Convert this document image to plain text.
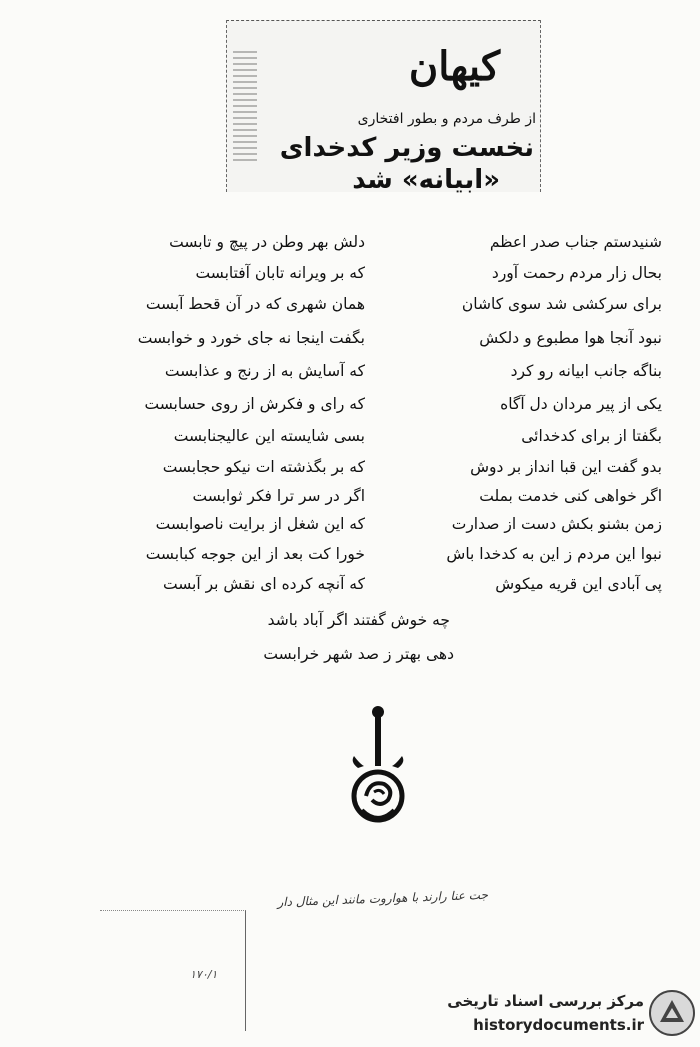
کیهان
از طرف مردم و بطور افتخاری
نخست وزیر کدخدای
«ابیانه» شد
شنیدستم جناب صدر اعظم
دلش بهر وطن در پیچ و تابست
بحال زار مردم رحمت آورد
که بر ویرانه تابان آفتابست
برای سرکشی شد سوی کاشان
همان شهری که در آن قحط آبست
نبود آنجا هوا مطبوع و دلکش
بگفت اینجا نه جای خورد و خوابست
بناگه جانب ابیانه رو کرد
که آسایش به از رنج و عذابست
یکی از پیر مردان دل آگاه
که رای و فکرش از روی حسابست
بگفتا از برای کدخدائی
بسی شایسته این عالیجنابست
بدو گفت این قبا انداز بر دوش
که بر بگذشته ات نیکو حجابست
اگر خواهی کنی خدمت بملت
اگر در سر ترا فکر ثوابست
زمن بشنو بکش دست از صدارت
که این شغل از برایت ناصوابست
نبوا این مردم ز این به کدخدا باش
خورا کت بعد از این جوجه کبابست
پی آبادی این قریه میکوش
که آنچه کرده ای نقش بر آبست
چه خوش گفتند اگر آباد باشد
دهی بهتر ز صد شهر خرابست
جت عنا رارند با هواروت مانند این مثال دار
۱۷۰/۱
مرکز بررسی اسناد تاریخی
historydocuments.ir
